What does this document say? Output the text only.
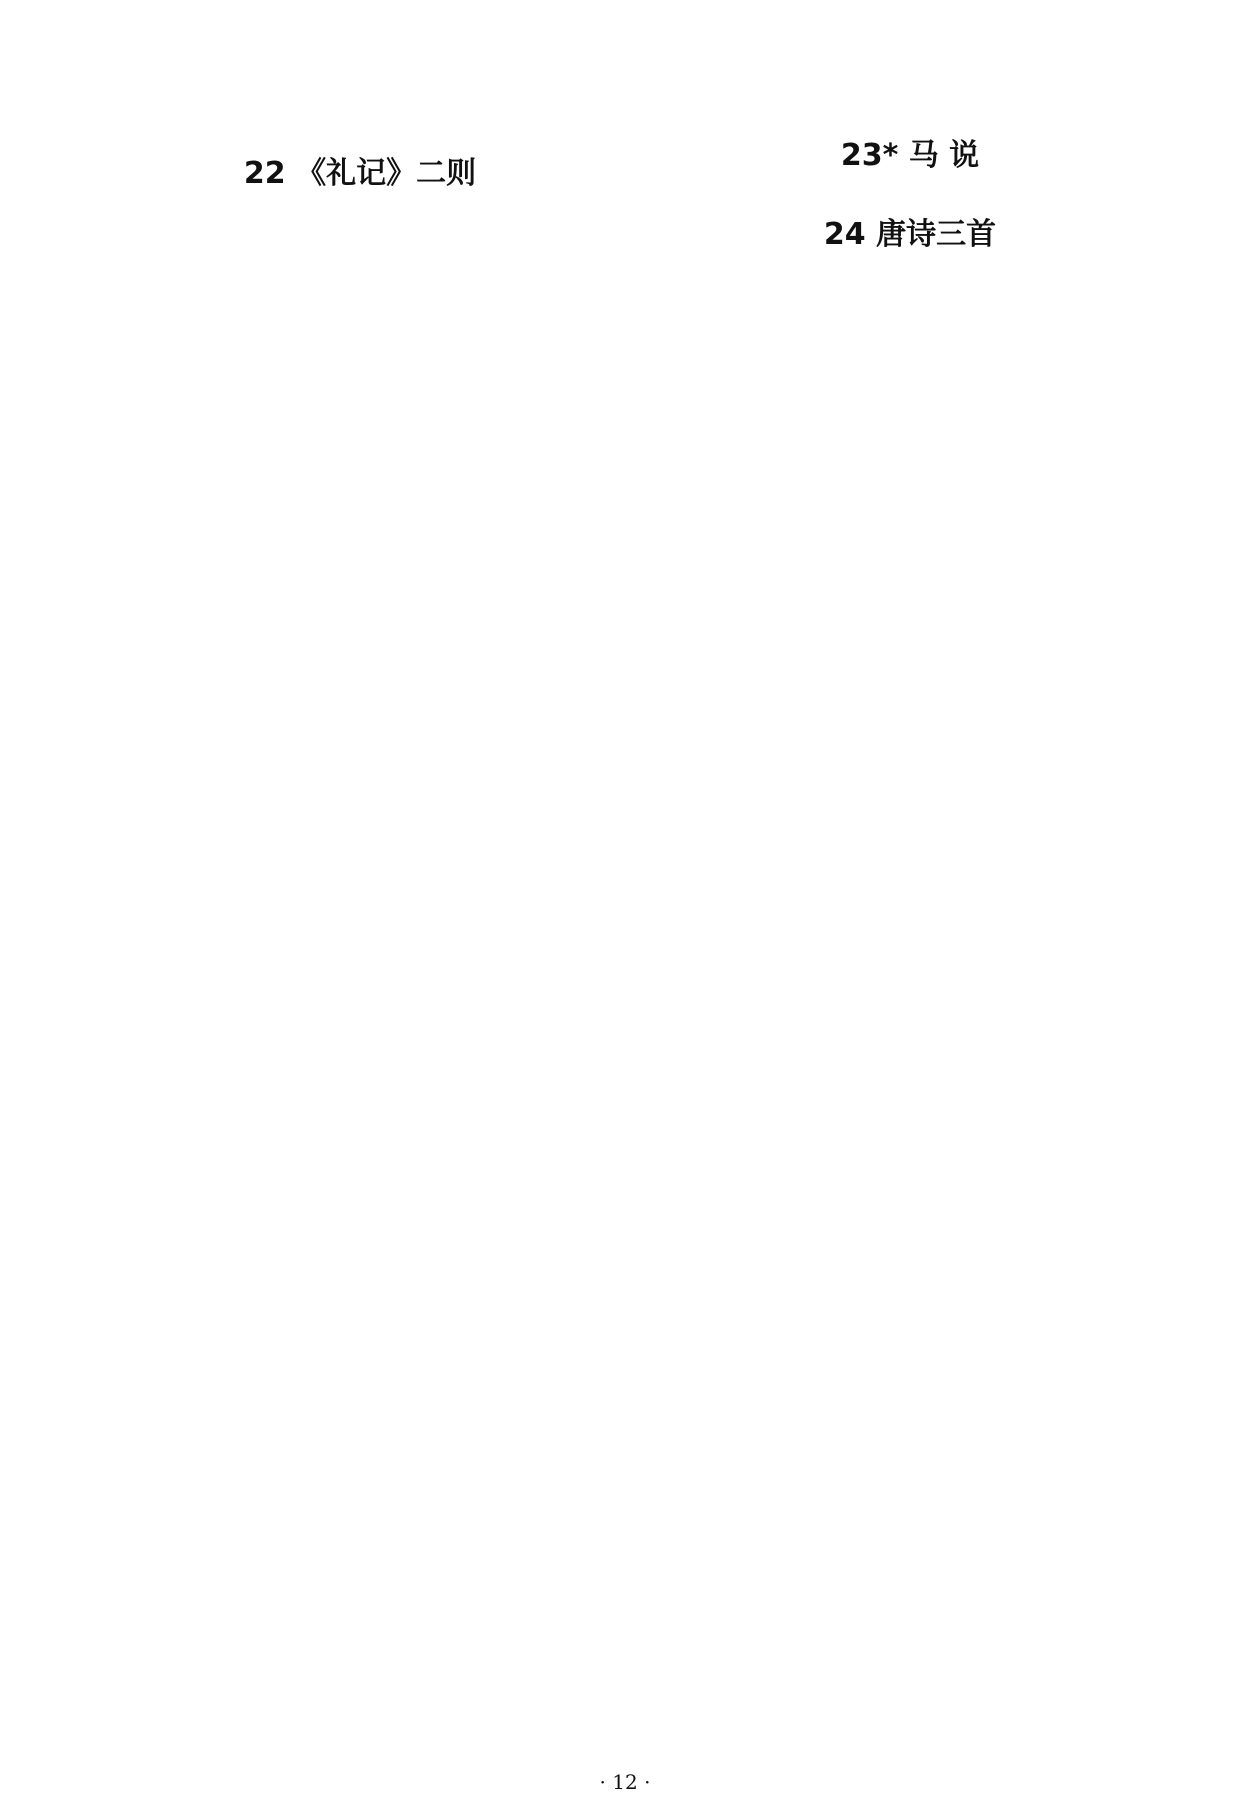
22 《礼记》二则

23* 马 说

24 唐诗三首

· 12 ·
